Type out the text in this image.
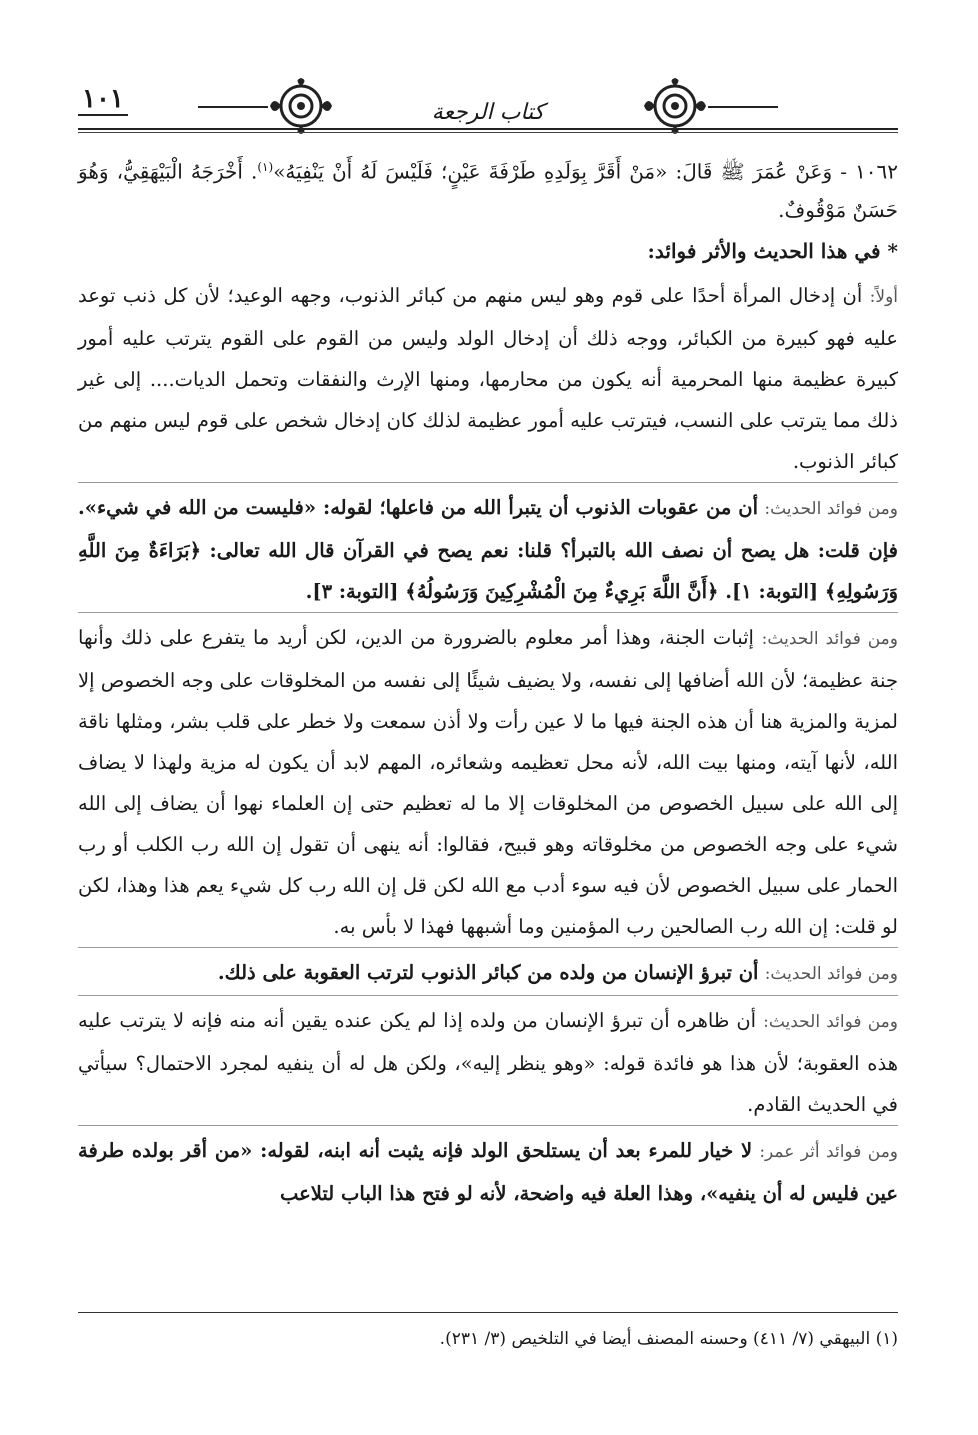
١٠١	كتاب الرجعة

١٠٦٢ - وَعَنْ عُمَرَ ﷺ قَالَ: «مَنْ أَقَرَّ بِوَلَدِهِ طَرْفَةَ عَيْنٍ؛ فَلَيْسَ لَهُ أَنْ يَنْفِيَهُ»$^{(١)}$. أَخْرَجَهُ الْبَيْهَقِيُّ، وَهُوَ حَسَنٌ مَوْقُوفٌ.

* في هذا الحديث والأثر فوائد:

أولاً: أن إدخال المرأة أحدًا على قوم وهو ليس منهم من كبائر الذنوب، وجهه الوعيد؛ لأن كل ذنب توعد عليه فهو كبيرة من الكبائر، ووجه ذلك أن إدخال الولد وليس من القوم على القوم يترتب عليه أمور كبيرة عظيمة منها المحرمية أنه يكون من محارمها، ومنها الإرث والنفقات وتحمل الديات.... إلى غير ذلك مما يترتب على النسب، فيترتب عليه أمور عظيمة لذلك كان إدخال شخص على قوم ليس منهم من كبائر الذنوب.

ومن فوائد الحديث: أن من عقوبات الذنوب أن يتبرأ الله من فاعلها؛ لقوله: «فليست من الله في شيء». فإن قلت: هل يصح أن نصف الله بالتبرأ؟ قلنا: نعم يصح في القرآن قال الله تعالى: ﴿بَرَاءَةٌ مِنَ اللَّهِ وَرَسُولِهِ﴾ [التوبة: ١]. ﴿أَنَّ اللَّهَ بَرِيءٌ مِنَ الْمُشْرِكِينَ وَرَسُولُهُ﴾ [التوبة: ٣].

ومن فوائد الحديث: إثبات الجنة، وهذا أمر معلوم بالضرورة من الدين، لكن أريد ما يتفرع على ذلك وأنها جنة عظيمة؛ لأن الله أضافها إلى نفسه، ولا يضيف شيئًا إلى نفسه من المخلوقات على وجه الخصوص إلا لمزية والمزية هنا أن هذه الجنة فيها ما لا عين رأت ولا أذن سمعت ولا خطر على قلب بشر، ومثلها ناقة الله، لأنها آيته، ومنها بيت الله، لأنه محل تعظيمه وشعائره، المهم لابد أن يكون له مزية ولهذا لا يضاف إلى الله على سبيل الخصوص من المخلوقات إلا ما له تعظيم حتى إن العلماء نهوا أن يضاف إلى الله شيء على وجه الخصوص من مخلوقاته وهو قبيح، فقالوا: أنه ينهى أن تقول إن الله رب الكلب أو رب الحمار على سبيل الخصوص لأن فيه سوء أدب مع الله لكن قل إن الله رب كل شيء يعم هذا وهذا، لكن لو قلت: إن الله رب الصالحين رب المؤمنين وما أشبهها فهذا لا بأس به.

ومن فوائد الحديث: أن تبرؤ الإنسان من ولده من كبائر الذنوب لترتب العقوبة على ذلك.

ومن فوائد الحديث: أن ظاهره أن تبرؤ الإنسان من ولده إذا لم يكن عنده يقين أنه منه فإنه لا يترتب عليه هذه العقوبة؛ لأن هذا هو فائدة قوله: «وهو ينظر إليه»، ولكن هل له أن ينفيه لمجرد الاحتمال؟ سيأتي في الحديث القادم.

ومن فوائد أثر عمر: لا خيار للمرء بعد أن يستلحق الولد فإنه يثبت أنه ابنه، لقوله: «من أقر بولده طرفة عين فليس له أن ينفيه»، وهذا العلة فيه واضحة، لأنه لو فتح هذا الباب لتلاعب

(١) البيهقي (٧/ ٤١١) وحسنه المصنف أيضا في التلخيص (٣/ ٢٣١).
